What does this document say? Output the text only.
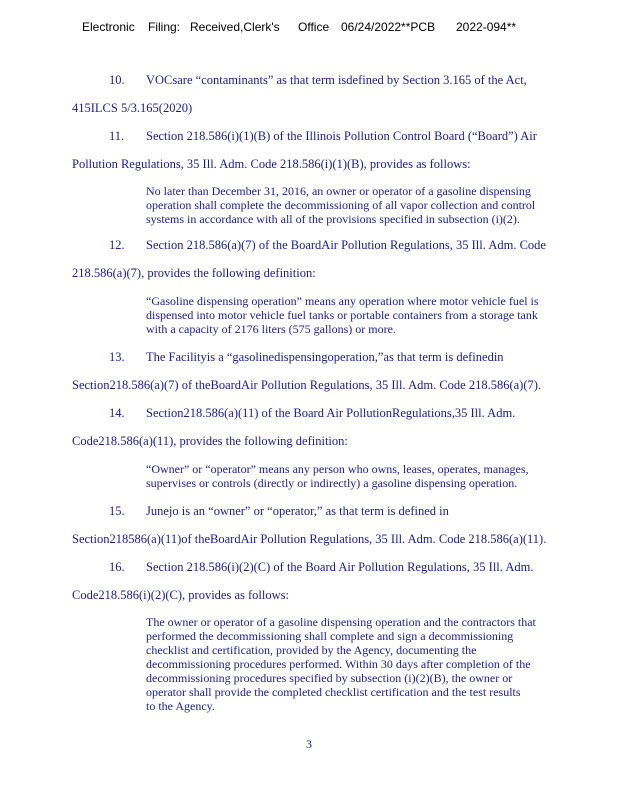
Electronic Filing: Received,Clerk's Office 06/24/2022**PCB 2022-094**
10. VOCsare “contaminants” as that term isdefined by Section 3.165 of the Act,
415ILCS 5/3.165(2020)
11. Section 218.586(i)(1)(B) of the Illinois Pollution Control Board (“Board”) Air
Pollution Regulations, 35 Ill. Adm. Code 218.586(i)(1)(B), provides as follows:
No later than December 31, 2016, an owner or operator of a gasoline dispensing
operation shall complete the decommissioning of all vapor collection and control
systems in accordance with all of the provisions specified in subsection (i)(2).
12. Section 218.586(a)(7) of the BoardAir Pollution Regulations, 35 Ill. Adm. Code
218.586(a)(7), provides the following definition:
“Gasoline dispensing operation” means any operation where motor vehicle fuel is
dispensed into motor vehicle fuel tanks or portable containers from a storage tank
with a capacity of 2176 liters (575 gallons) or more.
13. The Facilityis a “gasolinedispensingoperation,”as that term is definedin
Section218.586(a)(7) of theBoardAir Pollution Regulations, 35 Ill. Adm. Code 218.586(a)(7).
14. Section218.586(a)(11) of the Board Air PollutionRegulations,35 Ill. Adm.
Code218.586(a)(11), provides the following definition:
“Owner” or “operator” means any person who owns, leases, operates, manages,
supervises or controls (directly or indirectly) a gasoline dispensing operation.
15. Junejo is an “owner” or “operator,” as that term is defined in
Section218586(a)(11)of theBoardAir Pollution Regulations, 35 Ill. Adm. Code 218.586(a)(11).
16. Section 218.586(i)(2)(C) of the Board Air Pollution Regulations, 35 Ill. Adm.
Code218.586(i)(2)(C), provides as follows:
The owner or operator of a gasoline dispensing operation and the contractors that
performed the decommissioning shall complete and sign a decommissioning
checklist and certification, provided by the Agency, documenting the
decommissioning procedures performed. Within 30 days after completion of the
decommissioning procedures specified by subsection (i)(2)(B), the owner or
operator shall provide the completed checklist certification and the test results
to the Agency.
3
